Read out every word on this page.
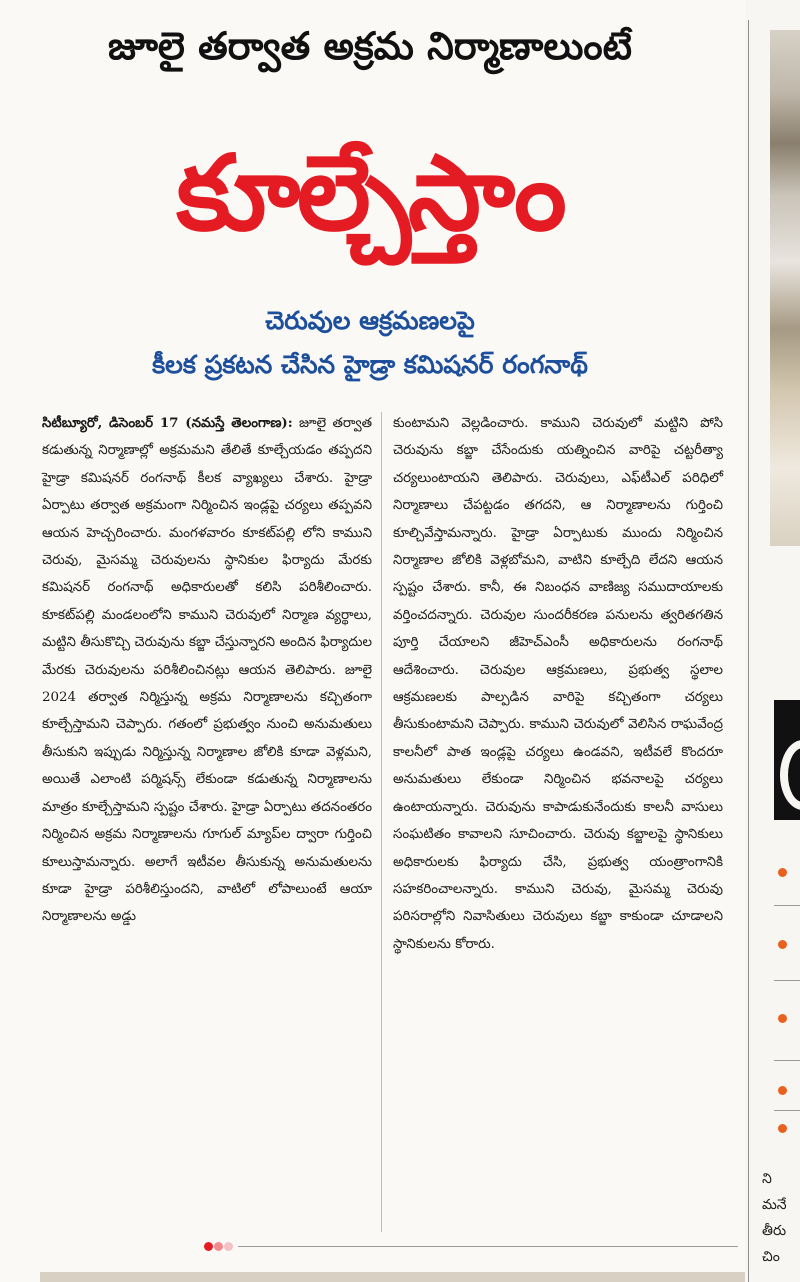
జూలై తర్వాత అక్రమ నిర్మాణాలుంటే
కూల్చేస్తాం
చెరువుల ఆక్రమణలపై
కీలక ప్రకటన చేసిన హైడ్రా కమిషనర్ రంగనాథ్
సిటీబ్యూరో, డిసెంబర్ 17 (నమస్తే తెలంగాణ): జూలై తర్వాత కడుతున్న నిర్మాణాల్లో అక్రమమని తేలితే కూల్చేయడం తప్పదని హైడ్రా కమిషనర్ రంగనాథ్ కీలక వ్యాఖ్యలు చేశారు. హైడ్రా ఏర్పాటు తర్వాత అక్రమంగా నిర్మించిన ఇండ్లపై చర్యలు తప్పవని ఆయన హెచ్చరించారు. మంగళవారం కూకట్‌పల్లి లోని కాముని చెరువు, మైసమ్మ చెరువులను స్థానికుల ఫిర్యాదు మేరకు కమిషనర్ రంగనాథ్ అధికారులతో కలిసి పరిశీలించారు. కూకట్‌పల్లి మండలంలోని కాముని చెరువులో నిర్మాణ వ్యర్థాలు, మట్టిని తీసుకొచ్చి చెరువును కబ్జా చేస్తున్నారని అందిన ఫిర్యాదుల మేరకు చెరువులను పరిశీలించినట్లు ఆయన తెలిపారు. జూలై 2024 తర్వాత నిర్మిస్తున్న అక్రమ నిర్మాణాలను కచ్చితంగా కూల్చేస్తామని చెప్పారు. గతంలో ప్రభుత్వం నుంచి అనుమతులు తీసుకుని ఇప్పుడు నిర్మిస్తున్న నిర్మాణాల జోలికి కూడా వెళ్లమని, అయితే ఎలాంటి పర్మిషన్స్ లేకుండా కడుతున్న నిర్మాణాలను మాత్రం కూల్చేస్తామని స్పష్టం చేశారు. హైడ్రా ఏర్పాటు తదనంతరం నిర్మించిన అక్రమ నిర్మాణాలను గూగుల్ మ్యాప్‌ల ద్వారా గుర్తించి కూలుస్తామన్నారు. అలాగే ఇటీవల తీసుకున్న అనుమతులను కూడా హైడ్రా పరిశీలిస్తుందని, వాటిలో లోపాలుంటే ఆయా నిర్మాణాలను అడ్డు
కుంటామని వెల్లడించారు. కాముని చెరువులో మట్టిని పోసి చెరువును కబ్జా చేసేందుకు యత్నించిన వారిపై చట్టరీత్యా చర్యలుంటాయని తెలిపారు. చెరువులు, ఎఫ్‌టీఎల్ పరిధిలో నిర్మాణాలు చేపట్టడం తగదని, ఆ నిర్మాణాలను గుర్తించి కూల్చివేస్తామన్నారు. హైడ్రా ఏర్పాటుకు ముందు నిర్మించిన నిర్మాణాల జోలికి వెళ్లబోమని, వాటిని కూల్చేది లేదని ఆయన స్పష్టం చేశారు. కానీ, ఈ నిబంధన వాణిజ్య సముదాయాలకు వర్తించదన్నారు. చెరువుల సుందరీకరణ పనులను త్వరితగతిన పూర్తి చేయాలని జీహెచ్‌ఎంసీ అధికారులను రంగనాథ్ ఆదేశించారు. చెరువుల ఆక్రమణలు, ప్రభుత్వ స్థలాల ఆక్రమణలకు పాల్పడిన వారిపై కచ్చితంగా చర్యలు తీసుకుంటామని చెప్పారు. కాముని చెరువులో వెలిసిన రాఘవేంద్ర కాలనీలో పాత ఇండ్లపై చర్యలు ఉండవని, ఇటీవలే కొందరూ అనుమతులు లేకుండా నిర్మించిన భవనాలపై చర్యలు ఉంటాయన్నారు. చెరువును కాపాడుకునేందుకు కాలనీ వాసులు సంఘటితం కావాలని సూచించారు. చెరువు కబ్జాలపై స్థానికులు అధికారులకు ఫిర్యాదు చేసి, ప్రభుత్వ యంత్రాంగానికి సహకరించాలన్నారు. కాముని చెరువు, మైసమ్మ చెరువు పరిసరాల్లోని నివాసితులు చెరువులు కబ్జా కాకుండా చూడాలని స్థానికులను కోరారు.
ని
మనే
తీరు
చిం
